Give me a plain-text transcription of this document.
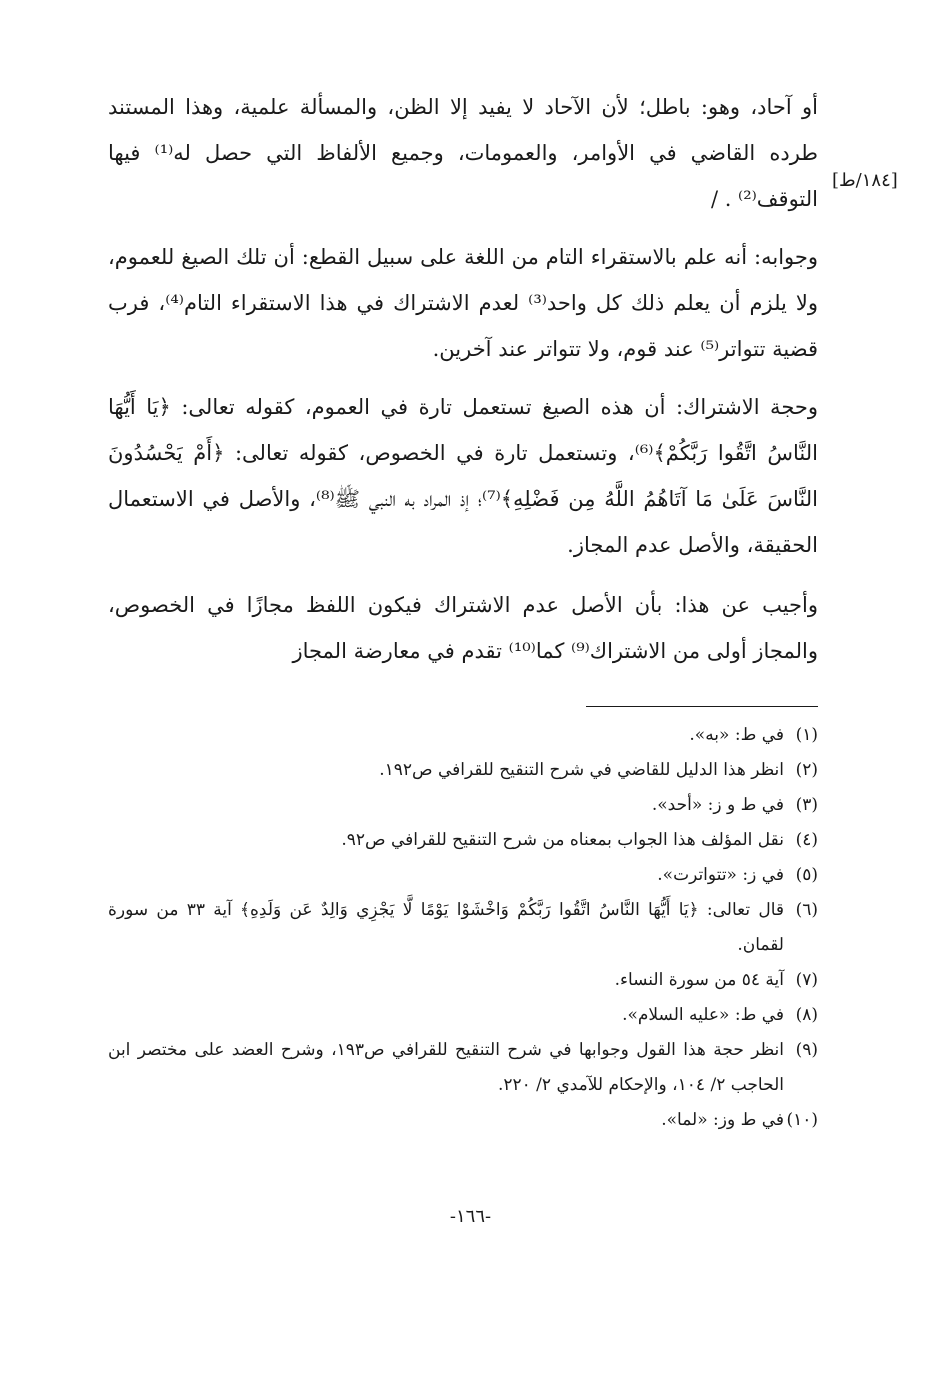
أو آحاد، وهو: باطل؛ لأن الآحاد لا يفيد إلا الظن، والمسألة علمية، وهذا المستند طرده القاضي في الأوامر، والعمومات، وجميع الألفاظ التي حصل له⁽¹⁾ فيها التوقف⁽²⁾ . /

وجوابه: أنه علم بالاستقراء التام من اللغة على سبيل القطع: أن تلك الصيغ للعموم، ولا يلزم أن يعلم ذلك كل واحد⁽³⁾ لعدم الاشتراك في هذا الاستقراء التام⁽⁴⁾، فرب قضية تتواتر⁽⁵⁾ عند قوم، ولا تتواتر عند آخرين.

وحجة الاشتراك: أن هذه الصيغ تستعمل تارة في العموم، كقوله تعالى: ﴿يَا أَيُّهَا النَّاسُ اتَّقُوا رَبَّكُمْ﴾⁽⁶⁾، وتستعمل تارة في الخصوص، كقوله تعالى: ﴿أَمْ يَحْسُدُونَ النَّاسَ عَلَىٰ مَا آتَاهُمُ اللَّهُ مِن فَضْلِهِ﴾⁽⁷⁾؛ إذ المراد به النبي ﷺ⁽⁸⁾، والأصل في الاستعمال الحقيقة، والأصل عدم المجاز.

وأجيب عن هذا: بأن الأصل عدم الاشتراك فيكون اللفظ مجازًا في الخصوص، والمجاز أولى من الاشتراك⁽⁹⁾ كما⁽¹⁰⁾ تقدم في معارضة المجاز

[١٨٤/ط]
(١)
في ط: «به».
(٢)
انظر هذا الدليل للقاضي في شرح التنقيح للقرافي ص١٩٢.
(٣)
في ط و ز: «أحد».
(٤)
نقل المؤلف هذا الجواب بمعناه من شرح التنقيح للقرافي ص٩٢.
(٥)
في ز: «تتواترت».
(٦)
قال تعالى: ﴿يَا أَيُّهَا النَّاسُ اتَّقُوا رَبَّكُمْ وَاخْشَوْا يَوْمًا لَّا يَجْزِي وَالِدٌ عَن وَلَدِهِ﴾ آية ٣٣ من سورة لقمان.
(٧)
آية ٥٤ من سورة النساء.
(٨)
في ط: «عليه السلام».
(٩)
انظر حجة هذا القول وجوابها في شرح التنقيح للقرافي ص١٩٣، وشرح العضد على مختصر ابن الحاجب ٢/ ١٠٤، والإحكام للآمدي ٢/ ٢٢٠.
(١٠)
في ط وز: «لما».
-١٦٦-
